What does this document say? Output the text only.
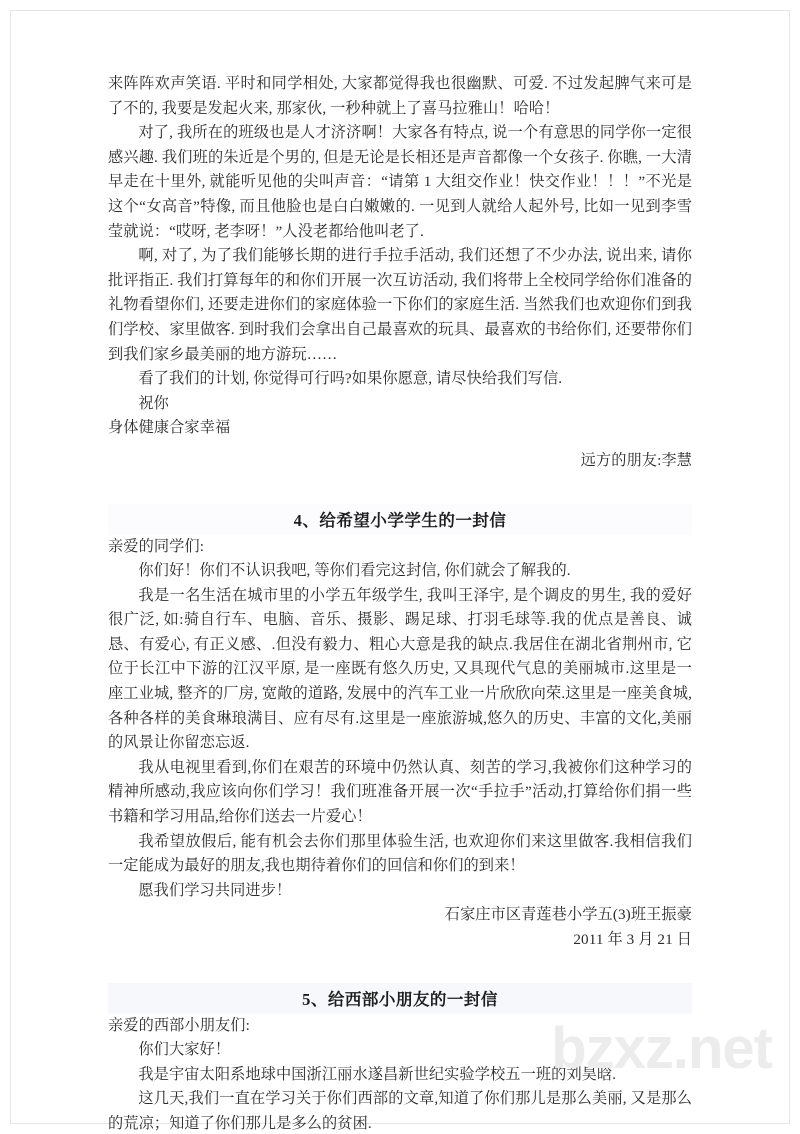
来阵阵欢声笑语. 平时和同学相处, 大家都觉得我也很幽默、可爱. 不过发起脾气来可是了不的, 我要是发起火来, 那家伙, 一秒种就上了喜马拉雅山！哈哈！

对了, 我所在的班级也是人才济济啊！大家各有特点, 说一个有意思的同学你一定很感兴趣. 我们班的朱近是个男的, 但是无论是长相还是声音都像一个女孩子. 你瞧, 一大清早走在十里外, 就能听见他的尖叫声音：“请第 1 大组交作业！快交作业！！！”不光是这个“女高音”特像, 而且他脸也是白白嫩嫩的. 一见到人就给人起外号, 比如一见到李雪莹就说：“哎呀, 老李呀！”人没老都给他叫老了.

啊, 对了, 为了我们能够长期的进行手拉手活动, 我们还想了不少办法, 说出来, 请你批评指正. 我们打算每年的和你们开展一次互访活动, 我们将带上全校同学给你们准备的礼物看望你们, 还要走进你们的家庭体验一下你们的家庭生活. 当然我们也欢迎你们到我们学校、家里做客. 到时我们会拿出自己最喜欢的玩具、最喜欢的书给你们, 还要带你们到我们家乡最美丽的地方游玩……

看了我们的计划, 你觉得可行吗?如果你愿意, 请尽快给我们写信.

祝你

身体健康合家幸福

远方的朋友:李慧

4、给希望小学学生的一封信

亲爱的同学们:

你们好！你们不认识我吧, 等你们看完这封信, 你们就会了解我的.

我是一名生活在城市里的小学五年级学生, 我叫王泽宇, 是个调皮的男生, 我的爱好很广泛, 如:骑自行车、电脑、音乐、摄影、踢足球、打羽毛球等.我的优点是善良、诚恳、有爱心, 有正义感、.但没有毅力、粗心大意是我的缺点.我居住在湖北省荆州市, 它位于长江中下游的江汉平原, 是一座既有悠久历史, 又具现代气息的美丽城市.这里是一座工业城, 整齐的厂房, 宽敞的道路, 发展中的汽车工业一片欣欣向荣.这里是一座美食城, 各种各样的美食琳琅满目、应有尽有.这里是一座旅游城,悠久的历史、丰富的文化,美丽的风景让你留恋忘返.

我从电视里看到,你们在艰苦的环境中仍然认真、刻苦的学习,我被你们这种学习的精神所感动,我应该向你们学习！我们班准备开展一次“手拉手”活动,打算给你们捐一些书籍和学习用品,给你们送去一片爱心！

我希望放假后, 能有机会去你们那里体验生活, 也欢迎你们来这里做客.我相信我们一定能成为最好的朋友,我也期待着你们的回信和你们的到来！

愿我们学习共同进步！

石家庄市区青莲巷小学五(3)班王振豪

2011 年 3 月 21 日

5、给西部小朋友的一封信

亲爱的西部小朋友们:

你们大家好！

我是宇宙太阳系地球中国浙江丽水遂昌新世纪实验学校五一班的刘昊晗.

这几天,我们一直在学习关于你们西部的文章,知道了你们那儿是那么美丽, 又是那么的荒凉；知道了你们那儿是多么的贫困.

bzxz.net
